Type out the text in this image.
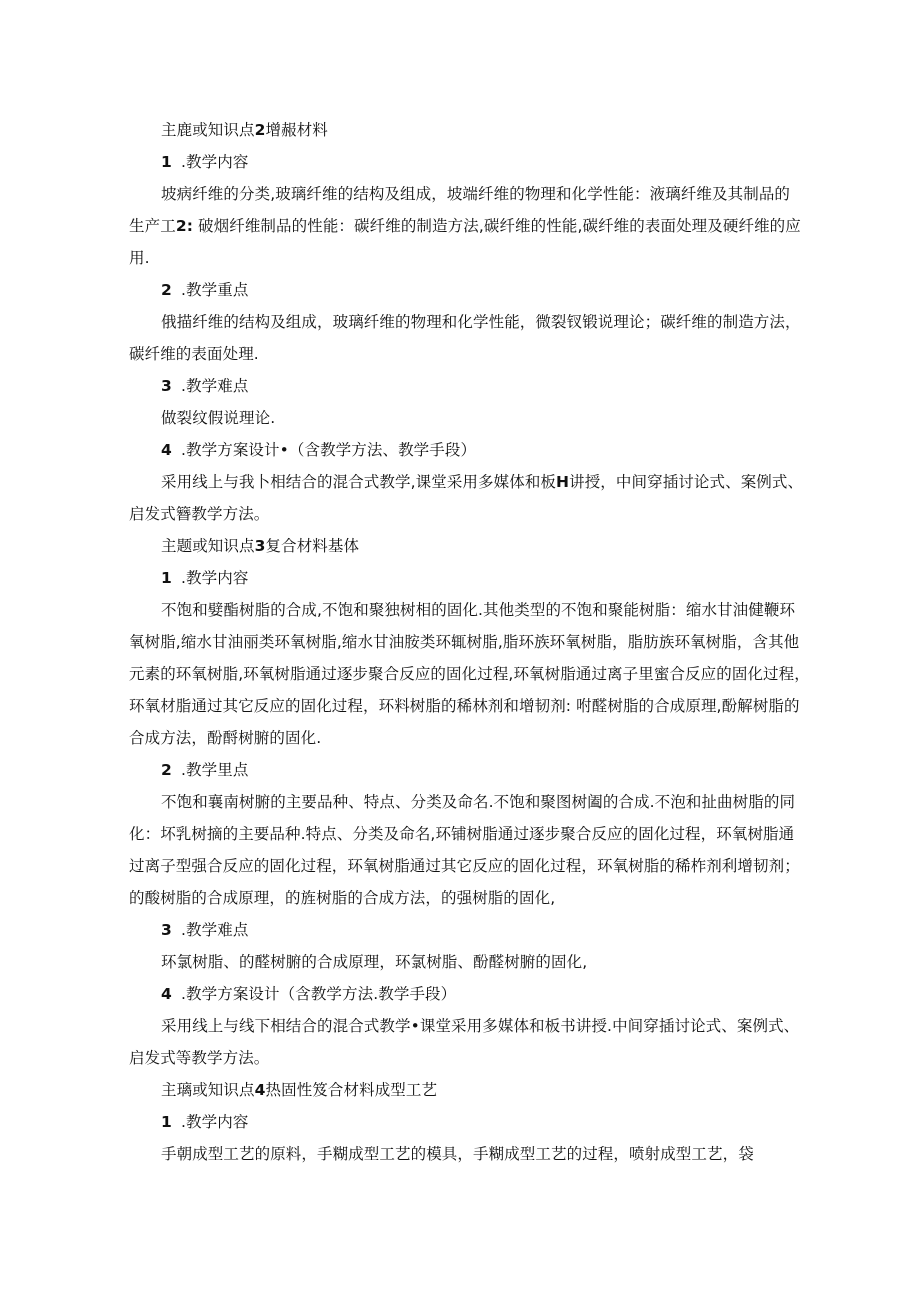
主鹿或知识点2增赧材料
1 .教学内容
坡病纤维的分类,玻璃纤维的结构及组成，坡端纤维的物理和化学性能：液璃纤维及其制品的
生产工2: 破烟纤维制品的性能：碳纤维的制造方法,碳纤维的性能,碳纤维的表面处理及硬纤维的应
用.
2 .教学重点
俄描纤维的结构及组成，玻璃纤维的物理和化学性能，微裂钗锻说理论；碳纤维的制造方法，
碳纤维的表面处理.
3 .教学难点
做裂纹假说理论.
4 .教学方案设计•（含教学方法、教学手段）
采用线上与我卜相结合的混合式教学,课堂采用多媒体和板H讲授，中间穿插讨论式、案例式、
启发式簪教学方法。
主题或知识点3复合材料基体
1 .教学内容
不饱和嬖酯树脂的合成,不饱和聚独树相的固化.其他类型的不饱和聚能树脂：缩水甘油健鞭环
氧树脂,缩水甘油丽类环氧树脂,缩水甘油胺类环辄树脂,脂环族环氧树脂，脂肪族环氧树脂，含其他
元素的环氧树脂,环氧树脂通过逐步聚合反应的固化过程,环氧树脂通过离子里蜜合反应的固化过程，
环氧材脂通过其它反应的固化过程，环料树脂的稀林剂和增韧剂: 咐醛树脂的合成原理,酚解树脂的
合成方法，酚酹树腑的固化.
2 .教学里点
不饱和襄南树腑的主要品种、特点、分类及命名.不饱和聚图树阖的合成.不泡和扯曲树脂的同
化：坏乳树摘的主要品种.特点、分类及命名,环铺树脂通过逐步聚合反应的固化过程，环氧树脂通
过离子型强合反应的固化过程，环氧树脂通过其它反应的固化过程，环氧树脂的稀柞剂利增韧剂；
的酸树脂的合成原理，的旌树脂的合成方法，的强树脂的固化,
3 .教学难点
环氯树脂、的醛树腑的合成原理，环氯树脂、酚醛树腑的固化,
4 .教学方案设计（含教学方法.教学手段）
采用线上与线下相结合的混合式教学•课堂采用多媒体和板书讲授.中间穿插讨论式、案例式、
启发式等教学方法。
主璃或知识点4热固性笈合材料成型工艺
1 .教学内容
手朝成型工艺的原料，手糊成型工艺的模具，手糊成型工艺的过程，喷射成型工艺，袋
